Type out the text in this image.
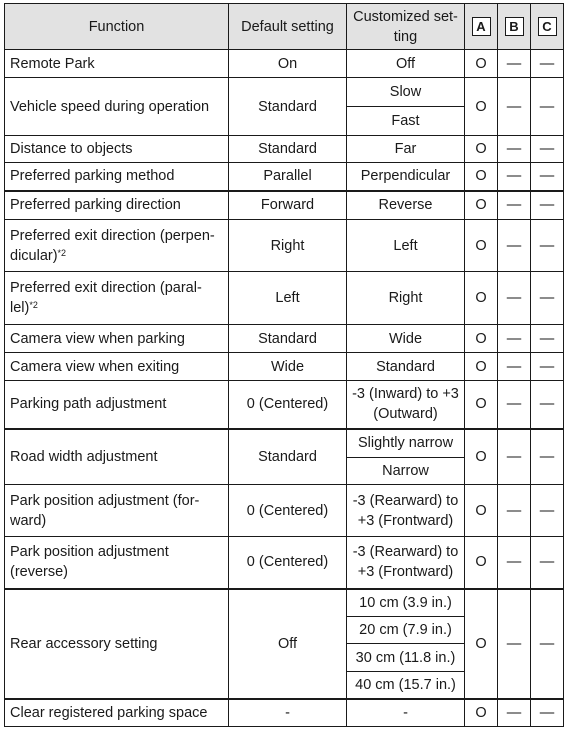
Function	Default setting	Customized set-
ting	A	B	C
Remote Park	On	Off	O	—	—
Vehicle speed during operation	Standard	Slow	O	—	—
		Fast			
Distance to objects	Standard	Far	O	—	—
Preferred parking method	Parallel	Perpendicular	O	—	—
Preferred parking direction	Forward	Reverse	O	—	—
Preferred exit direction (perpen-
dicular)$^{*2}$	Right	Left	O	—	—
Preferred exit direction (paral-
lel)$^{*2}$	Left	Right	O	—	—
Camera view when parking	Standard	Wide	O	—	—
Camera view when exiting	Wide	Standard	O	—	—
Parking path adjustment	0 (Centered)	-3 (Inward) to +3
(Outward)	O	—	—
Road width adjustment	Standard	Slightly narrow	O	—	—
		Narrow			
Park position adjustment (for-
ward)	0 (Centered)	-3 (Rearward) to
+3 (Frontward)	O	—	—
Park position adjustment
(reverse)	0 (Centered)	-3 (Rearward) to
+3 (Frontward)	O	—	—
Rear accessory setting	Off	10 cm (3.9 in.)	O	—	—
		20 cm (7.9 in.)			
		30 cm (11.8 in.)			
		40 cm (15.7 in.)			
Clear registered parking space	-	-	O	—	—
